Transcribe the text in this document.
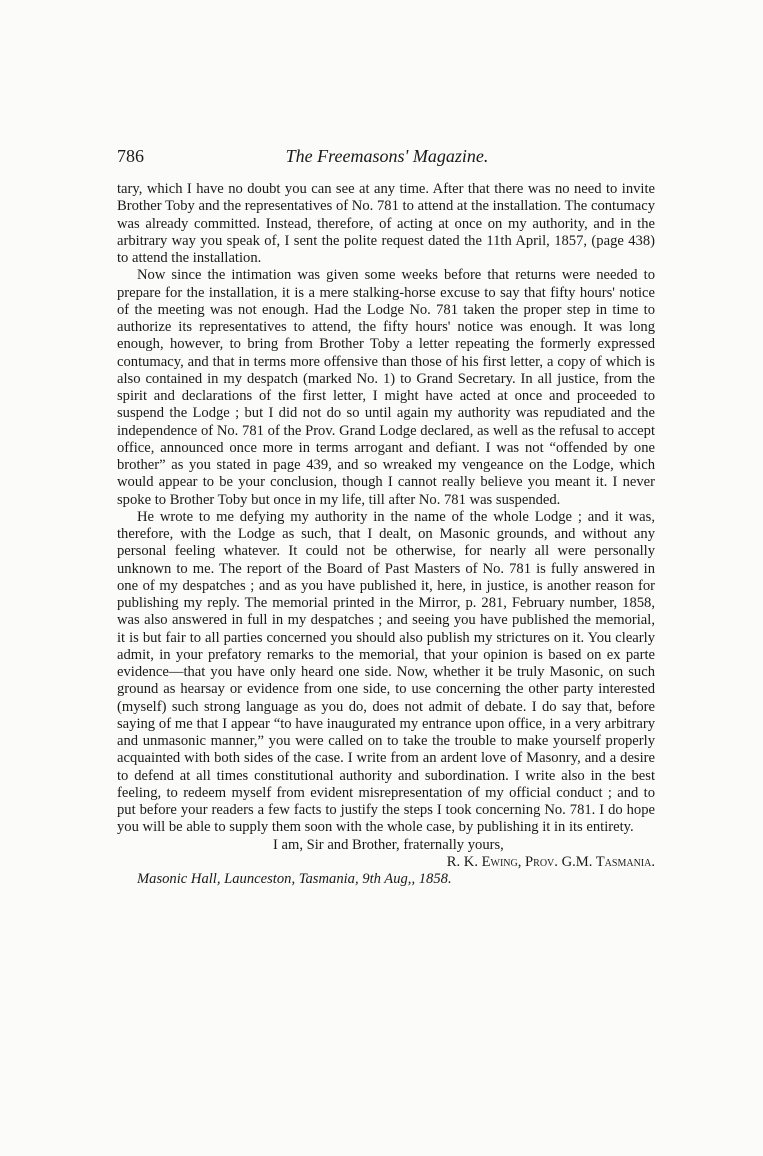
786	The Freemasons' Magazine.

tary, which I have no doubt you can see at any time. After that there was no need to invite Brother Toby and the representatives of No. 781 to attend at the installation. The contumacy was already committed. Instead, therefore, of acting at once on my authority, and in the arbitrary way you speak of, I sent the polite request dated the 11th April, 1857, (page 438) to attend the installation.

Now since the intimation was given some weeks before that returns were needed to prepare for the installation, it is a mere stalking-horse excuse to say that fifty hours' notice of the meeting was not enough. Had the Lodge No. 781 taken the proper step in time to authorize its representatives to attend, the fifty hours' notice was enough. It was long enough, however, to bring from Brother Toby a letter repeating the formerly expressed contumacy, and that in terms more offensive than those of his first letter, a copy of which is also contained in my despatch (marked No. 1) to Grand Secretary. In all justice, from the spirit and declarations of the first letter, I might have acted at once and proceeded to suspend the Lodge ; but I did not do so until again my authority was repudiated and the independence of No. 781 of the Prov. Grand Lodge declared, as well as the refusal to accept office, announced once more in terms arrogant and defiant. I was not “offended by one brother” as you stated in page 439, and so wreaked my vengeance on the Lodge, which would appear to be your conclusion, though I cannot really believe you meant it. I never spoke to Brother Toby but once in my life, till after No. 781 was suspended.

He wrote to me defying my authority in the name of the whole Lodge ; and it was, therefore, with the Lodge as such, that I dealt, on Masonic grounds, and without any personal feeling whatever. It could not be otherwise, for nearly all were personally unknown to me. The report of the Board of Past Masters of No. 781 is fully answered in one of my despatches ; and as you have published it, here, in justice, is another reason for publishing my reply. The memorial printed in the Mirror, p. 281, February number, 1858, was also answered in full in my despatches ; and seeing you have published the memorial, it is but fair to all parties concerned you should also publish my strictures on it. You clearly admit, in your prefatory remarks to the memorial, that your opinion is based on ex parte evidence—that you have only heard one side. Now, whether it be truly Masonic, on such ground as hearsay or evidence from one side, to use concerning the other party interested (myself) such strong language as you do, does not admit of debate. I do say that, before saying of me that I appear “to have inaugurated my entrance upon office, in a very arbitrary and unmasonic manner,” you were called on to take the trouble to make yourself properly acquainted with both sides of the case. I write from an ardent love of Masonry, and a desire to defend at all times constitutional authority and subordination. I write also in the best feeling, to redeem myself from evident misrepresentation of my official conduct ; and to put before your readers a few facts to justify the steps I took concerning No. 781. I do hope you will be able to supply them soon with the whole case, by publishing it in its entirety.

I am, Sir and Brother, fraternally yours,

R. K. Ewing, Prov. G.M. Tasmania.

Masonic Hall, Launceston, Tasmania, 9th Aug,, 1858.
